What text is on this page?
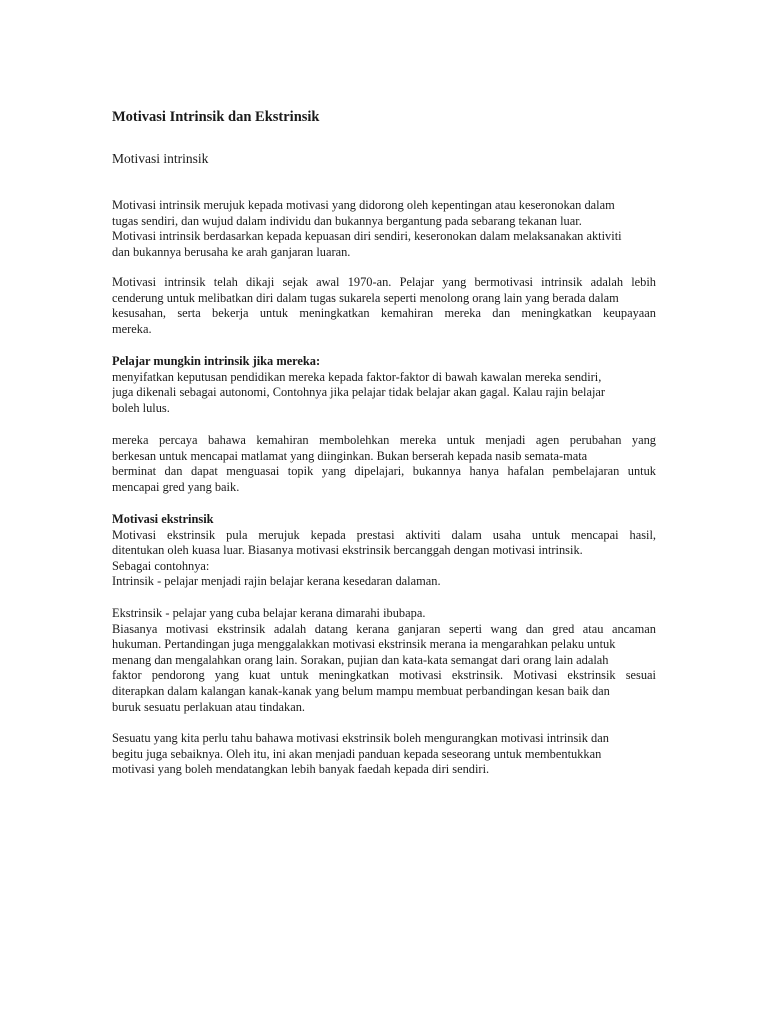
Motivasi Intrinsik dan Ekstrinsik

Motivasi intrinsik

Motivasi intrinsik merujuk kepada motivasi yang didorong oleh kepentingan atau keseronokan dalam
tugas sendiri, dan wujud dalam individu dan bukannya bergantung pada sebarang tekanan luar.
Motivasi intrinsik berdasarkan kepada kepuasan diri sendiri, keseronokan dalam melaksanakan aktiviti
dan bukannya berusaha ke arah ganjaran luaran.

Motivasi intrinsik telah dikaji sejak awal 1970-an. Pelajar yang bermotivasi intrinsik adalah lebih
cenderung untuk melibatkan diri dalam tugas sukarela seperti menolong orang lain yang berada dalam
kesusahan, serta bekerja untuk meningkatkan kemahiran mereka dan meningkatkan keupayaan
mereka.

Pelajar mungkin intrinsik jika mereka:
menyifatkan keputusan pendidikan mereka kepada faktor-faktor di bawah kawalan mereka sendiri,
juga dikenali sebagai autonomi, Contohnya jika pelajar tidak belajar akan gagal. Kalau rajin belajar
boleh lulus.

mereka percaya bahawa kemahiran membolehkan mereka untuk menjadi agen perubahan yang
berkesan untuk mencapai matlamat yang diinginkan. Bukan berserah kepada nasib semata-mata
berminat dan dapat menguasai topik yang dipelajari, bukannya hanya hafalan pembelajaran untuk
mencapai gred yang baik.

Motivasi ekstrinsik
Motivasi ekstrinsik pula merujuk kepada prestasi aktiviti dalam usaha untuk mencapai hasil,
ditentukan oleh kuasa luar. Biasanya motivasi ekstrinsik bercanggah dengan motivasi intrinsik.
Sebagai contohnya:
Intrinsik - pelajar menjadi rajin belajar kerana kesedaran dalaman.

Ekstrinsik - pelajar yang cuba belajar kerana dimarahi ibubapa.
Biasanya motivasi ekstrinsik adalah datang kerana ganjaran seperti wang dan gred atau ancaman
hukuman. Pertandingan juga menggalakkan motivasi ekstrinsik merana ia mengarahkan pelaku untuk
menang dan mengalahkan orang lain. Sorakan, pujian dan kata-kata semangat dari orang lain adalah
faktor pendorong yang kuat untuk meningkatkan motivasi ekstrinsik. Motivasi ekstrinsik sesuai
diterapkan dalam kalangan kanak-kanak yang belum mampu membuat perbandingan kesan baik dan
buruk sesuatu perlakuan atau tindakan.

Sesuatu yang kita perlu tahu bahawa motivasi ekstrinsik boleh mengurangkan motivasi intrinsik dan
begitu juga sebaiknya. Oleh itu, ini akan menjadi panduan kepada seseorang untuk membentukkan
motivasi yang boleh mendatangkan lebih banyak faedah kepada diri sendiri.
